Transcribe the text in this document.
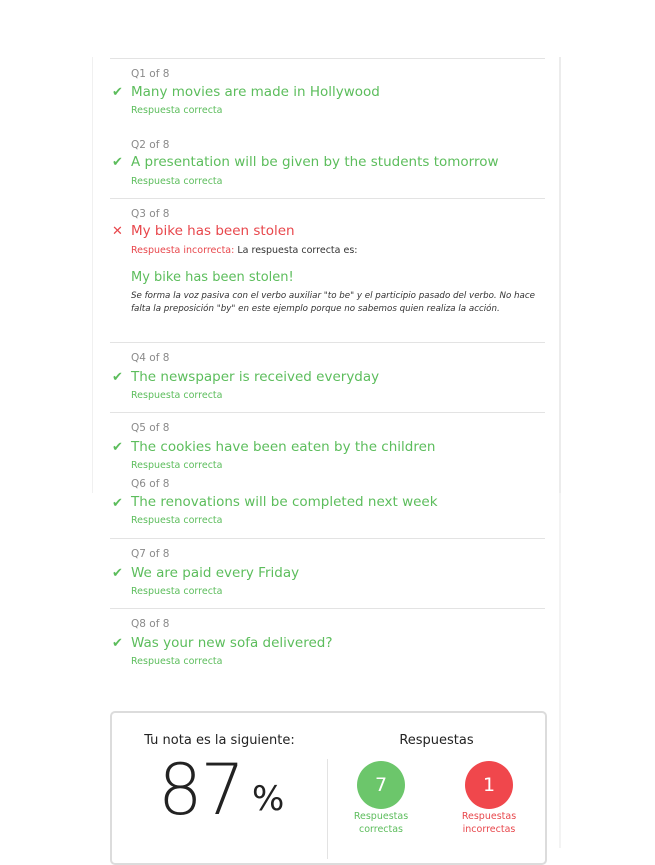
Q1 of 8
✔ Many movies are made in Hollywood
Respuesta correcta
Q2 of 8
✔ A presentation will be given by the students tomorrow
Respuesta correcta
Q3 of 8
✕ My bike has been stolen
Respuesta incorrecta: La respuesta correcta es:
My bike has been stolen!
Se forma la voz pasiva con el verbo auxiliar "to be" y el participio pasado del verbo. No hace falta la preposición "by" en este ejemplo porque no sabemos quien realiza la acción.
Q4 of 8
✔ The newspaper is received everyday
Respuesta correcta
Q5 of 8
✔ The cookies have been eaten by the children
Respuesta correcta
Q6 of 8
✔ The renovations will be completed next week
Respuesta correcta
Q7 of 8
✔ We are paid every Friday
Respuesta correcta
Q8 of 8
✔ Was your new sofa delivered?
Respuesta correcta
Tu nota es la siguiente:
87 %
Respuestas
7
Respuestas correctas
1
Respuestas incorrectas
